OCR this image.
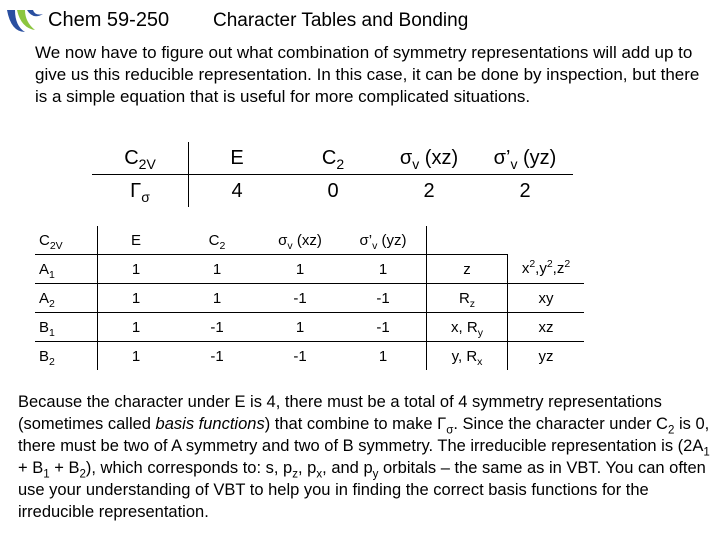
Chem 59-250 Character Tables and Bonding
We now have to figure out what combination of symmetry representations will add up to give us this reducible representation. In this case, it can be done by inspection, but there is a simple equation that is useful for more complicated situations.
$C_{2V}$	E	$C_2$	$\sigma_v$ (xz)	$\sigma’_v$ (yz)
$\Gamma_\sigma$	4	0	2	2
$C_{2V}$	E	$C_2$	$\sigma_v$ (xz)	$\sigma’_v$ (yz)		
$A_1$	1	1	1	1	z	$x^2,y^2,z^2$
$A_2$	1	1	-1	-1	$R_z$	xy
$B_1$	1	-1	1	-1	x, $R_y$	xz
$B_2$	1	-1	-1	1	y, $R_x$	yz
Because the character under E is 4, there must be a total of 4 symmetry representations (sometimes called basis functions) that combine to make $\Gamma_\sigma$. Since the character under $C_2$ is 0, there must be two of A symmetry and two of B symmetry. The irreducible representation is $(2A_1 + B_1 + B_2)$, which corresponds to: s, $p_z$, $p_x$, and $p_y$ orbitals – the same as in VBT. You can often use your understanding of VBT to help you in finding the correct basis functions for the irreducible representation.
